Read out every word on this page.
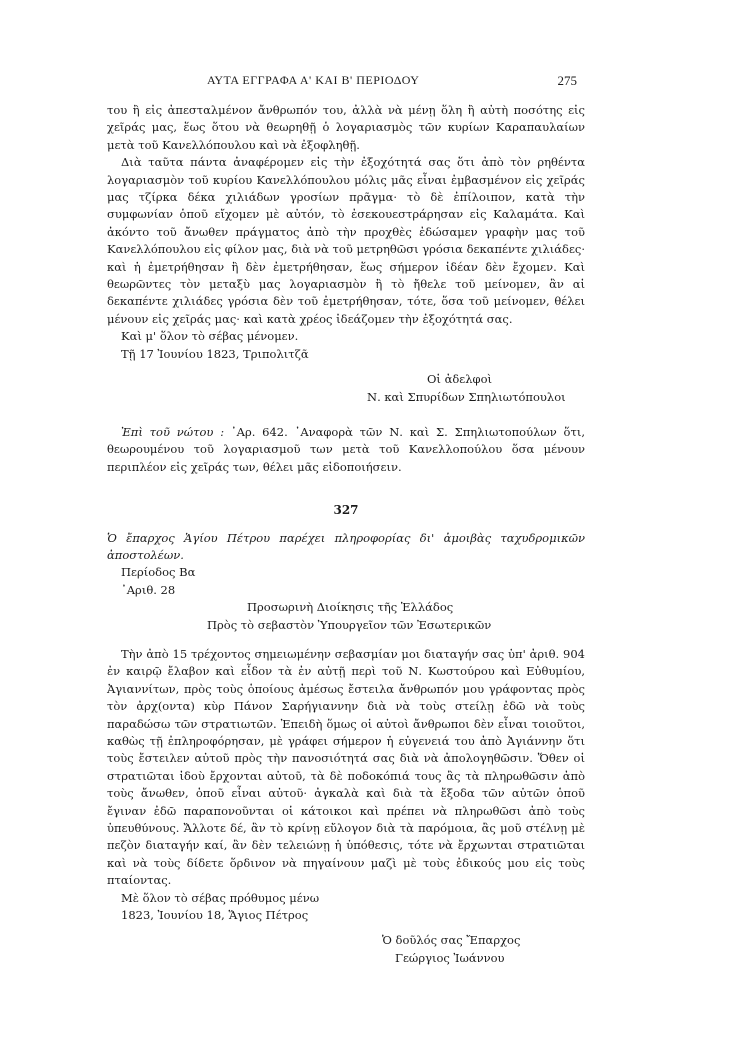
ΑΥΤΑ ΕΓΓΡΑΦΑ Α' ΚΑΙ Β' ΠΕΡΙΟΔΟΥ	275

του ἢ εἰς ἀπεσταλμένον ἄνθρωπόν του, ἀλλὰ νὰ μένῃ ὅλη ἢ αὐτὴ ποσότης εἰς χεῖράς μας, ἕως ὅτου νὰ θεωρηθῇ ὁ λογαριασμὸς τῶν κυρίων Καραπαυλαίων μετὰ τοῦ Κανελλόπουλου καὶ νὰ ἐξοφληθῇ.

Διὰ ταῦτα πάντα ἀναφέρομεν εἰς τὴν ἐξοχότητά σας ὅτι ἀπὸ τὸν ρηθέντα λογαριασμὸν τοῦ κυρίου Κανελλόπουλου μόλις μᾶς εἶναι ἐμβασμένον εἰς χεῖράς μας τζίρκα δέκα χιλιάδων γροσίων πρᾶγμα· τὸ δὲ ἐπίλοιπον, κατὰ τὴν συμφωνίαν ὁποῦ εἴχομεν μὲ αὐτόν, τὸ ἐσεκουεστράρησαν εἰς Καλαμάτα. Καὶ ἀκόντο τοῦ ἄνωθεν πράγματος ἀπὸ τὴν προχθὲς ἐδώσαμεν γραφὴν μας τοῦ Κανελλόπουλου εἰς φίλον μας, διὰ νὰ τοῦ μετρηθῶσι γρόσια δεκαπέντε χιλιάδες· καὶ ἡ ἐμετρήθησαν ἢ δὲν ἐμετρήθησαν, ἕως σήμερον ἰδέαν δὲν ἔχομεν. Καὶ θεωρῶντες τὸν μεταξὺ μας λογαριασμὸν ἢ τὸ ἤθελε τοῦ μείνομεν, ἂν αἱ δεκαπέντε χιλιάδες γρόσια δὲν τοῦ ἐμετρήθησαν, τότε, ὅσα τοῦ μείνομεν, θέλει μένουν εἰς χεῖράς μας· καὶ κατὰ χρέος ἰδεάζομεν τὴν ἐξοχότητά σας.

Καὶ μ' ὅλον τὸ σέβας μένομεν.

Τῇ 17 Ἰουνίου 1823, Τριπολιτζᾶ

Οἱ ἀδελφοὶ
Ν. καὶ Σπυρίδων Σπηλιωτόπουλοι

Ἐπὶ τοῦ νώτου : ᾿Αρ. 642. ᾿Αναφορὰ τῶν Ν. καὶ Σ. Σπηλιωτοπούλων ὅτι, θεωρουμένου τοῦ λογαριασμοῦ των μετὰ τοῦ Κανελλοπούλου ὅσα μένουν περιπλέον εἰς χεῖράς των, θέλει μᾶς εἰδοποιήσειν.

327

Ὁ ἔπαρχος Ἁγίου Πέτρου παρέχει πληροφορίας δι' ἀμοιβὰς ταχυδρομικῶν ἀποστολέων.

Περίοδος Βα

᾿Αριθ. 28

Προσωρινὴ Διοίκησις τῆς Ἑλλάδος
Πρὸς τὸ σεβαστὸν Ὑπουργεῖον τῶν Ἐσωτερικῶν

Τὴν ἀπὸ 15 τρέχοντος σημειωμένην σεβασμίαν μοι διαταγήν σας ὑπ' ἀριθ. 904 ἐν καιρῷ ἔλαβον καὶ εἶδον τὰ ἐν αὐτῇ περὶ τοῦ Ν. Κωστούρου καὶ Εὐθυμίου, Ἀγιαννίτων, πρὸς τοὺς ὁποίους ἀμέσως ἔστειλα ἄνθρωπόν μου γράφοντας πρὸς τὸν ἀρχ(οντα) κὺρ Πάνον Σαρήγιαννην διὰ νὰ τοὺς στείλῃ ἐδῶ νὰ τοὺς παραδώσω τῶν στρατιωτῶν. Ἐπειδὴ ὅμως οἱ αὐτοὶ ἄνθρωποι δὲν εἶναι τοιοῦτοι, καθὼς τῇ ἐπληροφόρησαν, μὲ γράφει σήμερον ἡ εὐγενειά του ἀπὸ Ἀγιάννην ὅτι τοὺς ἔστειλεν αὐτοῦ πρὸς τὴν πανοσιότητά σας διὰ νὰ ἀπολογηθῶσιν. Ὅθεν οἱ στρατιῶται ἰδοὺ ἔρχονται αὐτοῦ, τὰ δὲ ποδοκόπιά τους ἂς τὰ πληρωθῶσιν ἀπὸ τοὺς ἄνωθεν, ὁποῦ εἶναι αὐτοῦ· ἀγκαλὰ καὶ διὰ τὰ ἔξοδα τῶν αὐτῶν ὁποῦ ἔγιναν ἐδῶ παραπονοῦνται οἱ κάτοικοι καὶ πρέπει νὰ πληρωθῶσι ἀπὸ τοὺς ὑπευθύνους. Ἄλλοτε δέ, ἂν τὸ κρίνῃ εὔλογον διὰ τὰ παρόμοια, ἂς μοῦ στέλνῃ μὲ πεζὸν διαταγήν καί, ἂν δὲν τελειώνῃ ἡ ὑπόθεσις, τότε νὰ ἔρχωνται στρατιῶται καὶ νὰ τοὺς δίδετε ὅρδινον νὰ πηγαίνουν μαζὶ μὲ τοὺς ἐδικούς μου εἰς τοὺς πταίοντας.

Μὲ ὅλον τὸ σέβας πρόθυμος μένω

1823, Ἰουνίου 18, Ἅγιος Πέτρος

Ὁ δοῦλός σας Ἔπαρχος
Γεώργιος Ἰωάννου
